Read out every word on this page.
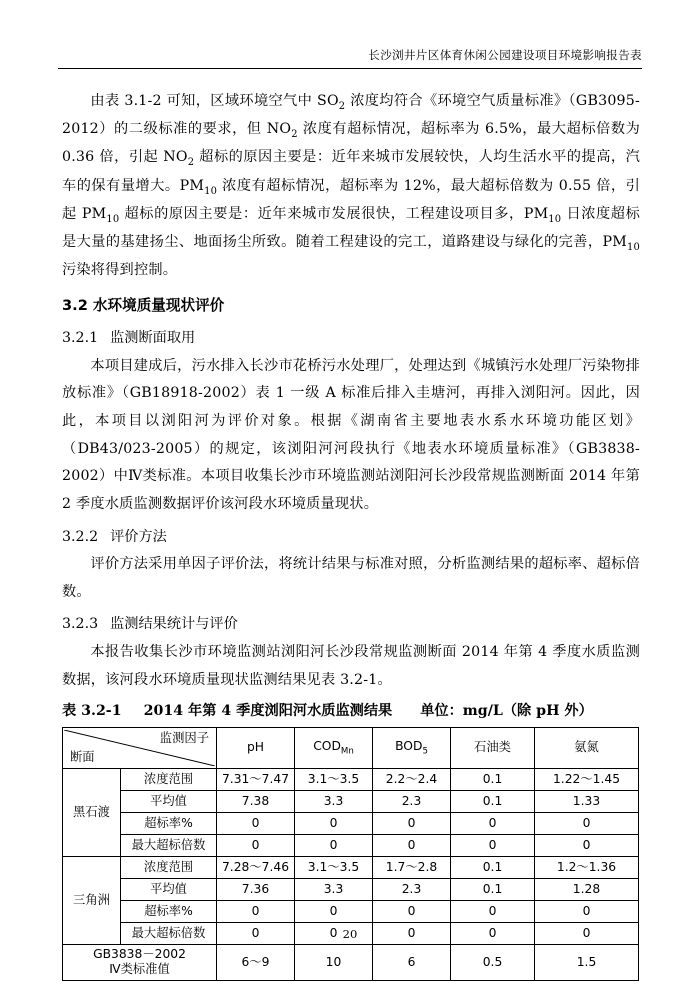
长沙浏井片区体育休闲公园建设项目环境影响报告表

由表 3.1-2 可知，区域环境空气中 $SO_2$ 浓度均符合《环境空气质量标准》（GB3095-2012）的二级标准的要求，但 $NO_2$ 浓度有超标情况，超标率为 6.5%，最大超标倍数为 0.36 倍，引起 $NO_2$ 超标的原因主要是：近年来城市发展较快，人均生活水平的提高，汽车的保有量增大。$PM_{10}$ 浓度有超标情况，超标率为 12%，最大超标倍数为 0.55 倍，引起 $PM_{10}$ 超标的原因主要是：近年来城市发展很快，工程建设项目多，$PM_{10}$ 日浓度超标是大量的基建扬尘、地面扬尘所致。随着工程建设的完工，道路建设与绿化的完善，$PM_{10}$ 污染将得到控制。

3.2 水环境质量现状评价
3.2.1 监测断面取用

本项目建成后，污水排入长沙市花桥污水处理厂，处理达到《城镇污水处理厂污染物排放标准》（GB18918-2002）表 1 一级 A 标准后排入圭塘河，再排入浏阳河。因此，因此，本项目以浏阳河为评价对象。根据《湖南省主要地表水系水环境功能区划》（DB43/023-2005）的规定，该浏阳河河段执行《地表水环境质量标准》（GB3838-2002）中Ⅳ类标准。本项目收集长沙市环境监测站浏阳河长沙段常规监测断面 2014 年第 2 季度水质监测数据评价该河段水环境质量现状。

3.2.2 评价方法

评价方法采用单因子评价法，将统计结果与标准对照，分析监测结果的超标率、超标倍数。

3.2.3 监测结果统计与评价

本报告收集长沙市环境监测站浏阳河长沙段常规监测断面 2014 年第 4 季度水质监测数据，该河段水环境质量现状监测结果见表 3.2-1。

表 3.2-1 2014 年第 4 季度浏阳河水质监测结果 单位：mg/L（除 pH 外）
监测因子
断面		pH	$COD_{Mn}$	$BOD_5$	石油类	氨氮
黑石渡	浓度范围	7.31～7.47	3.1～3.5	2.2～2.4	0.1	1.22～1.45
	平均值	7.38	3.3	2.3	0.1	1.33
	超标率%	0	0	0	0	0
	最大超标倍数	0	0	0	0	0
三角洲	浓度范围	7.28～7.46	3.1～3.5	1.7～2.8	0.1	1.2～1.36
	平均值	7.36	3.3	2.3	0.1	1.28
	超标率%	0	0	0	0	0
	最大超标倍数	0	0	0	0	0

GB3838－2002
Ⅳ类标准值		6～9	10	6	0.5	1.5
20
